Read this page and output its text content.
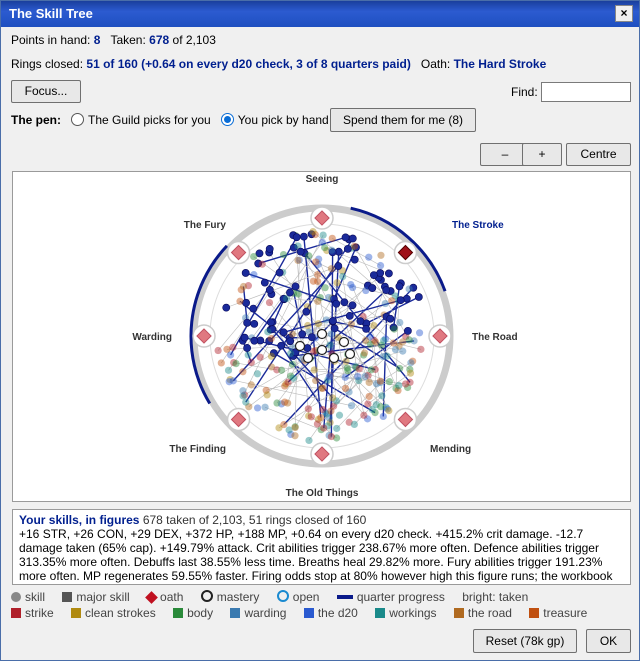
The Skill Tree	×
Points in hand: 8 Taken: 678 of 2,103
Rings closed: 51 of 160 (+0.64 on every d20 check, 3 of 8 quarters paid) Oath: The Hard Stroke
Focus...	Find:
The pen: The Guild picks for you You pick by hand	Spend them for me (8)
–	+	Centre
Seeing
The Stroke
The Road
Mending
The Old Things
The Finding
Warding
The Fury
Your skills, in figures 678 taken of 2,103, 51 rings closed of 160
+16 STR, +26 CON, +29 DEX, +372 HP, +188 MP, +0.64 on every d20 check. +415.2% crit damage. -12.7 damage taken (65% cap). +149.79% attack. Crit abilities trigger 238.67% more often. Defence abilities trigger 313.35% more often. Debuffs last 38.55% less time. Breaths heal 29.82% more. Fury abilities trigger 191.23% more often. MP regenerates 59.55% faster. Firing odds stop at 80% however high this figure runs; the workbook
skill	major skill	oath	mastery	open	quarter progress bright: taken
strike	clean strokes	body	warding	the d20	workings	the road	treasure
Reset (78k gp)	OK
